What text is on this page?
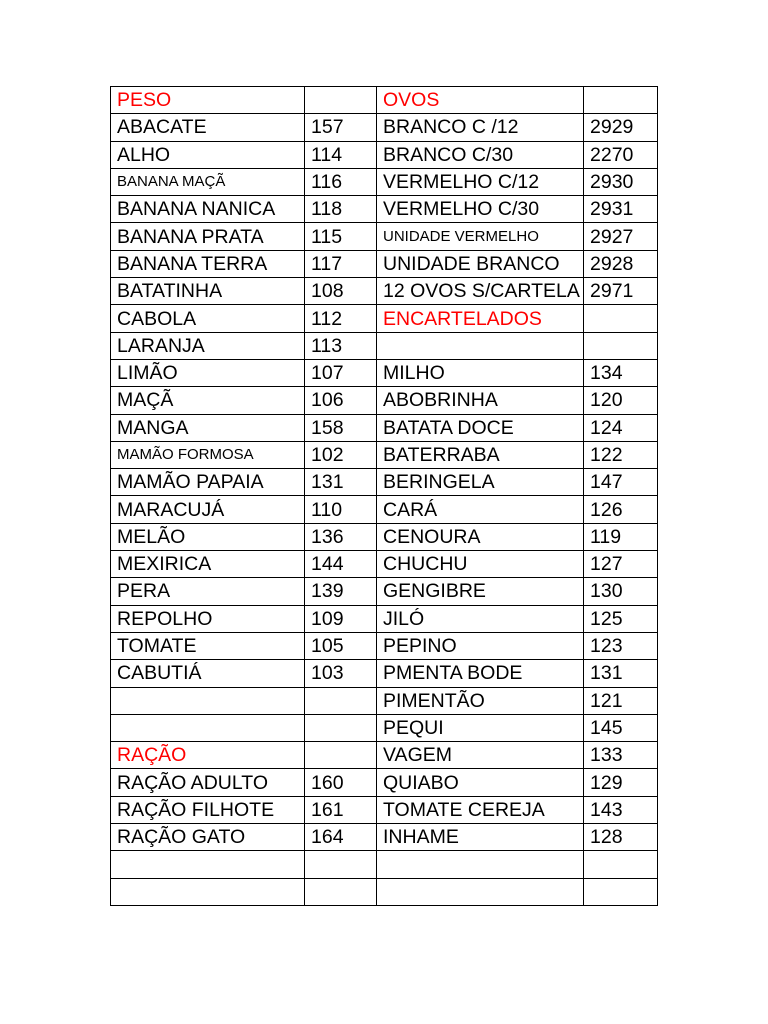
PESO		OVOS	
ABACATE	157	BRANCO C /12	2929
ALHO	114	BRANCO C/30	2270
BANANA MAÇÃ	116	VERMELHO C/12	2930
BANANA NANICA	118	VERMELHO C/30	2931
BANANA PRATA	115	UNIDADE VERMELHO	2927
BANANA TERRA	117	UNIDADE BRANCO	2928
BATATINHA	108	12 OVOS S/CARTELA	2971
CABOLA	112	ENCARTELADOS	
LARANJA	113		
LIMÃO	107	MILHO	134
MAÇÃ	106	ABOBRINHA	120
MANGA	158	BATATA DOCE	124
MAMÃO FORMOSA	102	BATERRABA	122
MAMÃO PAPAIA	131	BERINGELA	147
MARACUJÁ	110	CARÁ	126
MELÃO	136	CENOURA	119
MEXIRICA	144	CHUCHU	127
PERA	139	GENGIBRE	130
REPOLHO	109	JILÓ	125
TOMATE	105	PEPINO	123
CABUTIÁ	103	PMENTA BODE	131
		PIMENTÃO	121
		PEQUI	145
RAÇÃO		VAGEM	133
RAÇÃO ADULTO	160	QUIABO	129
RAÇÃO FILHOTE	161	TOMATE CEREJA	143
RAÇÃO GATO	164	INHAME	128
